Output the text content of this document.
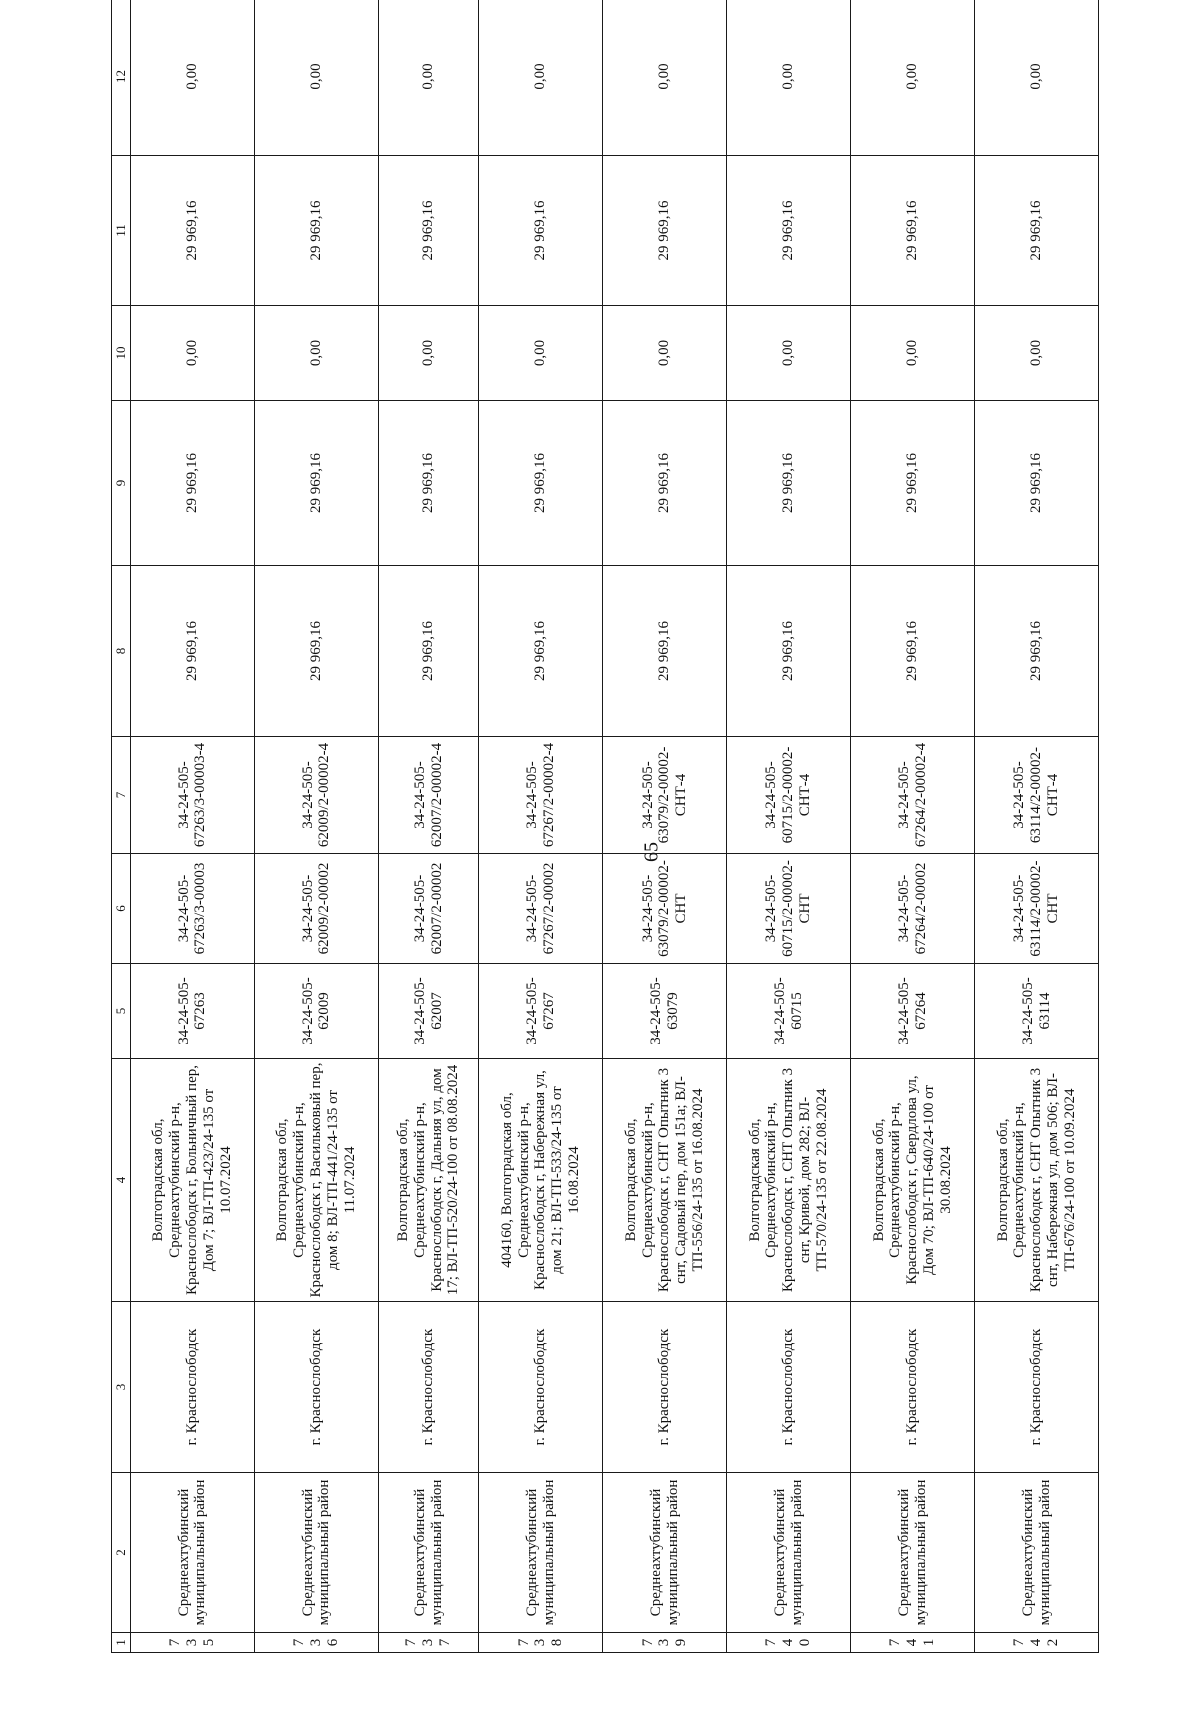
65
1	2	3	4	5	6	7	8	9	10	11	12	
735	Среднеахтубинский муниципальный район	г. Краснослободск	Волгоградская обл, Среднеахтубинский р-н, Краснослободск г, Больничный пер, Дом 7; ВЛ-ТП-423/24-135 от 10.07.2024	34-24-505-67263	34-24-505-67263/3-00003	34-24-505-67263/3-00003-4	29 969,16	29 969,16	0,00	29 969,16	0,00	
736	Среднеахтубинский муниципальный район	г. Краснослободск	Волгоградская обл, Среднеахтубинский р-н, Краснослободск г, Васильковый пер, дом 8; ВЛ-ТП-441/24-135 от 11.07.2024	34-24-505-62009	34-24-505-62009/2-00002	34-24-505-62009/2-00002-4	29 969,16	29 969,16	0,00	29 969,16	0,00	
737	Среднеахтубинский муниципальный район	г. Краснослободск	Волгоградская обл, Среднеахтубинский р-н, Краснослободск г, Дальняя ул, дом 17; ВЛ-ТП-520/24-100 от 08.08.2024	34-24-505-62007	34-24-505-62007/2-00002	34-24-505-62007/2-00002-4	29 969,16	29 969,16	0,00	29 969,16	0,00	
738	Среднеахтубинский муниципальный район	г. Краснослободск	404160, Волгоградская обл, Среднеахтубинский р-н, Краснослободск г, Набережная ул, дом 21; ВЛ-ТП-533/24-135 от 16.08.2024	34-24-505-67267	34-24-505-67267/2-00002	34-24-505-67267/2-00002-4	29 969,16	29 969,16	0,00	29 969,16	0,00	
739	Среднеахтубинский муниципальный район	г. Краснослободск	Волгоградская обл, Среднеахтубинский р-н, Краснослободск г, СНТ Опытник 3 снт, Садовый пер, дом 151а; ВЛ-ТП-556/24-135 от 16.08.2024	34-24-505-63079	34-24-505-63079/2-00002-СНТ	34-24-505-63079/2-00002-СНТ-4	29 969,16	29 969,16	0,00	29 969,16	0,00	
740	Среднеахтубинский муниципальный район	г. Краснослободск	Волгоградская обл, Среднеахтубинский р-н, Краснослободск г, СНТ Опытник 3 снт, Кривой, дом 282; ВЛ-ТП-570/24-135 от 22.08.2024	34-24-505-60715	34-24-505-60715/2-00002-СНТ	34-24-505-60715/2-00002-СНТ-4	29 969,16	29 969,16	0,00	29 969,16	0,00	
741	Среднеахтубинский муниципальный район	г. Краснослободск	Волгоградская обл, Среднеахтубинский р-н, Краснослободск г, Свердлова ул, Дом 70; ВЛ-ТП-640/24-100 от 30.08.2024	34-24-505-67264	34-24-505-67264/2-00002	34-24-505-67264/2-00002-4	29 969,16	29 969,16	0,00	29 969,16	0,00	
742	Среднеахтубинский муниципальный район	г. Краснослободск	Волгоградская обл, Среднеахтубинский р-н, Краснослободск г, СНТ Опытник 3 снт, Набережная ул, дом 506; ВЛ-ТП-676/24-100 от 10.09.2024	34-24-505-63114	34-24-505-63114/2-00002-СНТ	34-24-505-63114/2-00002-СНТ-4	29 969,16	29 969,16	0,00	29 969,16	0,00	
